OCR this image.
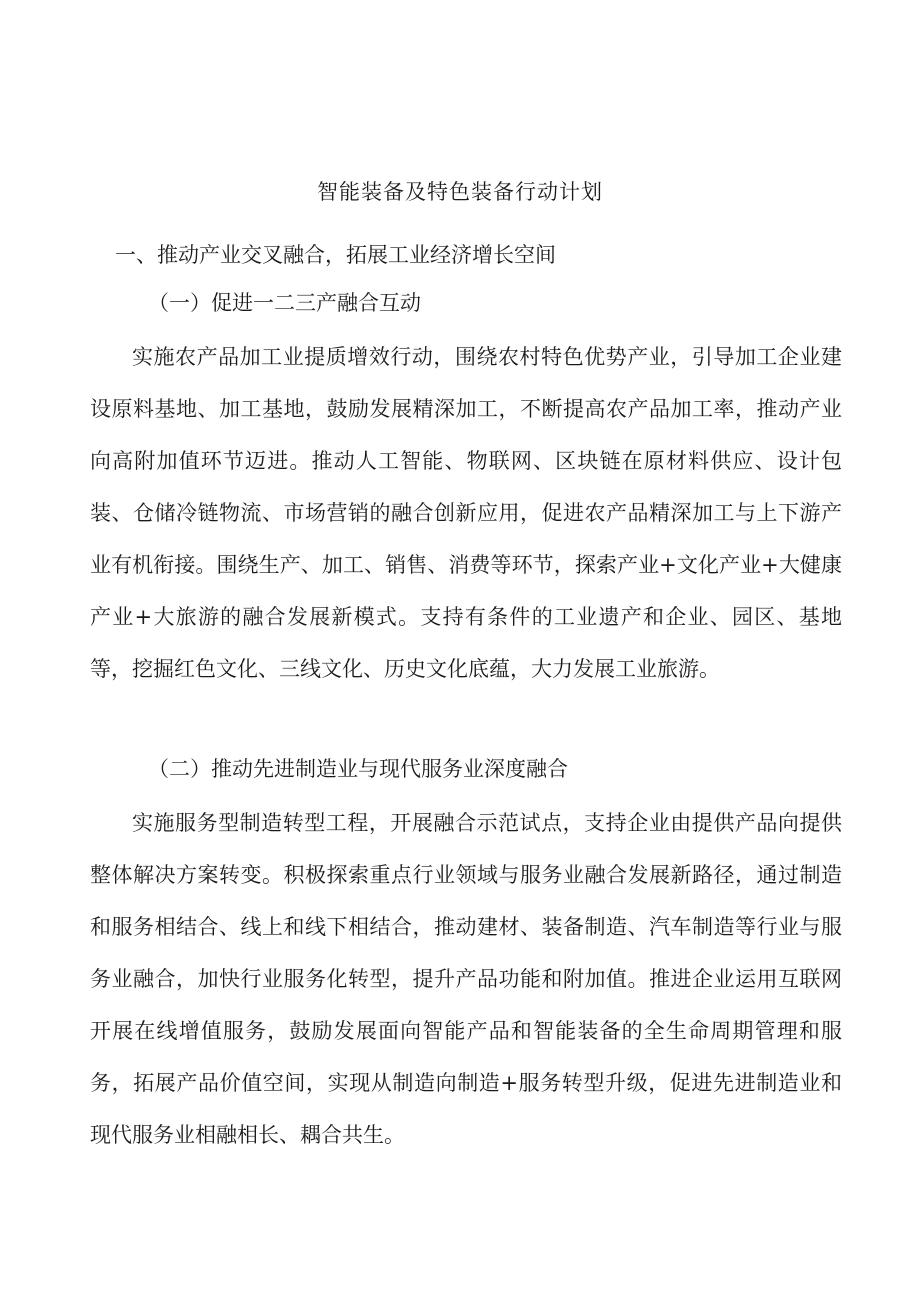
智能装备及特色装备行动计划
一、推动产业交叉融合，拓展工业经济增长空间
（一）促进一二三产融合互动
实施农产品加工业提质增效行动，围绕农村特色优势产业，引导加工企业建设原料基地、加工基地，鼓励发展精深加工，不断提高农产品加工率，推动产业向高附加值环节迈进。推动人工智能、物联网、区块链在原材料供应、设计包装、仓储冷链物流、市场营销的融合创新应用，促进农产品精深加工与上下游产业有机衔接。围绕生产、加工、销售、消费等环节，探索产业+文化产业+大健康产业+大旅游的融合发展新模式。支持有条件的工业遗产和企业、园区、基地等，挖掘红色文化、三线文化、历史文化底蕴，大力发展工业旅游。
（二）推动先进制造业与现代服务业深度融合
实施服务型制造转型工程，开展融合示范试点，支持企业由提供产品向提供整体解决方案转变。积极探索重点行业领域与服务业融合发展新路径，通过制造和服务相结合、线上和线下相结合，推动建材、装备制造、汽车制造等行业与服务业融合，加快行业服务化转型，提升产品功能和附加值。推进企业运用互联网开展在线增值服务，鼓励发展面向智能产品和智能装备的全生命周期管理和服务，拓展产品价值空间，实现从制造向制造+服务转型升级，促进先进制造业和现代服务业相融相长、耦合共生。
